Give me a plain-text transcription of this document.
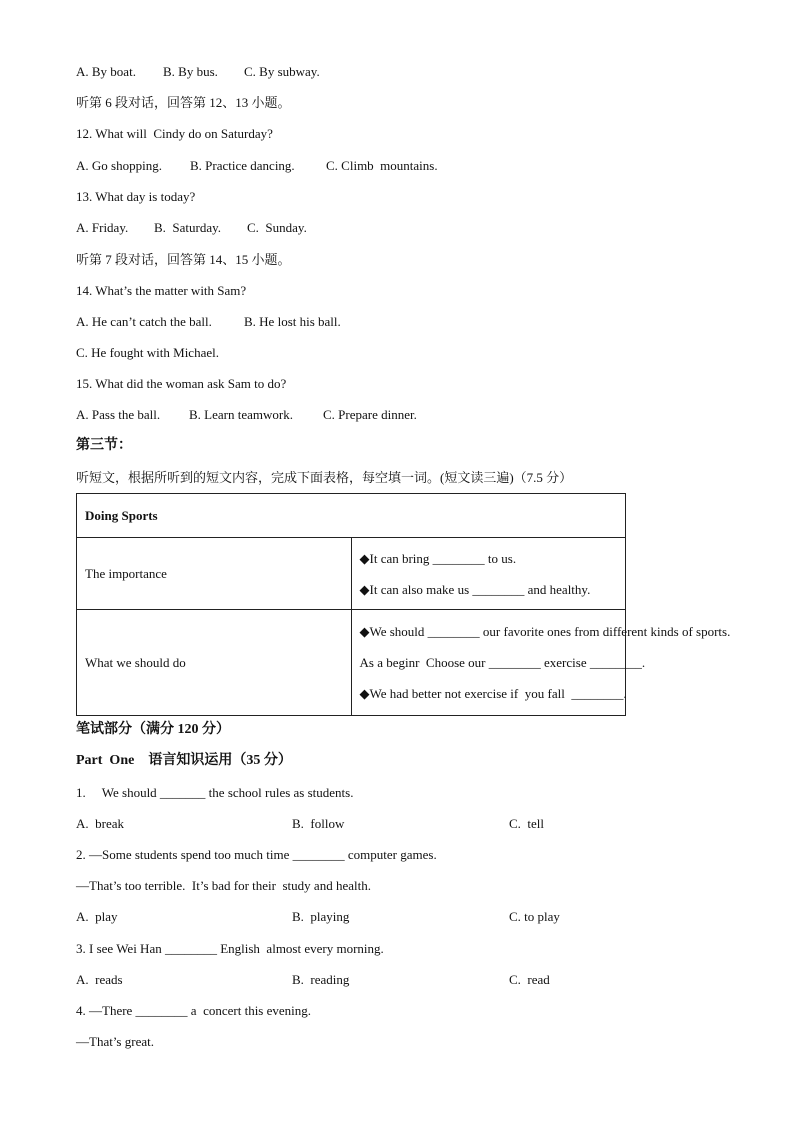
A. By boat. B. By bus. C. By subway.
听第 6 段对话，回答第 12、13 小题。
12. What will  Cindy do on Saturday?
A. Go shopping. B. Practice dancing. C. Climb  mountains.
13. What day is today?
A. Friday. B.  Saturday. C.  Sunday.
听第 7 段对话，回答第 14、15 小题。
14. What’s the matter with Sam?
A. He can’t catch the ball. B. He lost his ball.
C. He fought with Michael.
15. What did the woman ask Sam to do?
A. Pass the ball. B. Learn teamwork. C. Prepare dinner.
第三节：
听短文，根据所听到的短文内容，完成下面表格，每空填一词。(短文读三遍)（7.5 分）
Doing Sports	
The importance	◆It can bring ________ to us.
◆It can also make us ________ and healthy.

What we should do	◆We should ________ our favorite ones from different kinds of sports.
As a beginr  Choose our ________ exercise ________.
◆We had better not exercise if  you fall  ________.
笔试部分（满分 120 分）
Part  One    语言知识运用（35 分）
1.     We should _______ the school rules as students.
A.  break	B.  follow	C.  tell
2. —Some students spend too much time ________ computer games.
—That’s too terrible.  It’s bad for their  study and health.
A.  play	B.  playing	C. to play
3. I see Wei Han ________ English  almost every morning.
A.  reads	B.  reading	C.  read
4. —There ________ a  concert this evening.
—That’s great.
